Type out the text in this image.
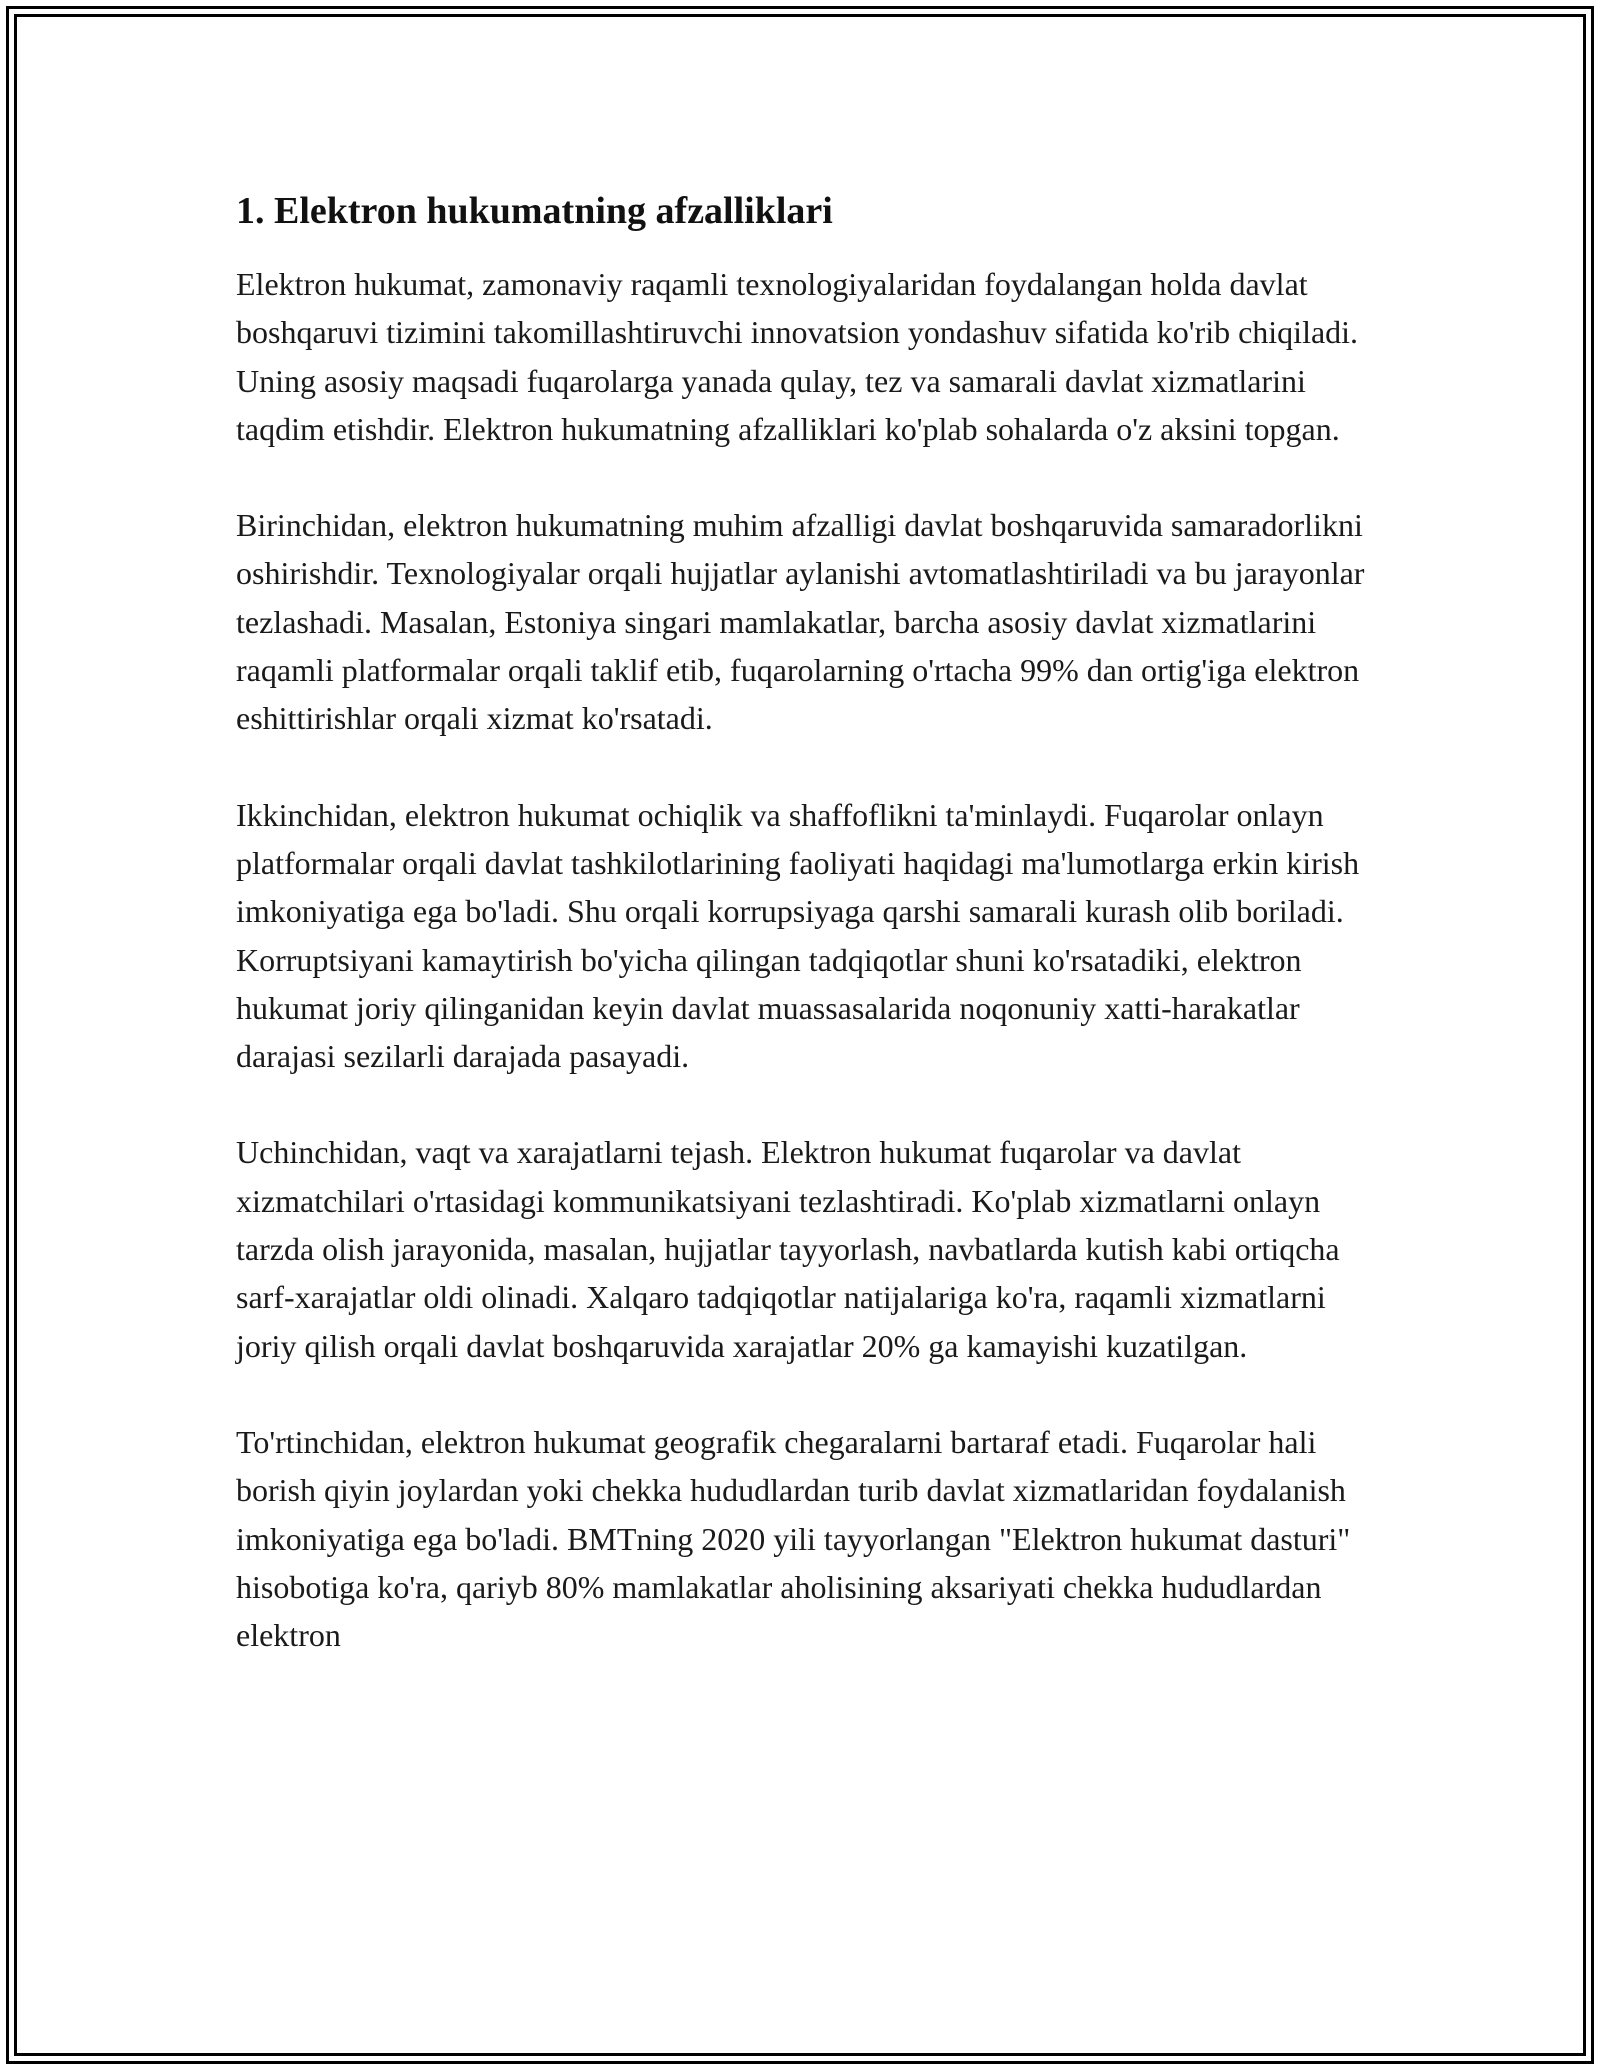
1. Elektron hukumatning afzalliklari

Elektron hukumat, zamonaviy raqamli texnologiyalaridan foydalangan holda davlat boshqaruvi tizimini takomillashtiruvchi innovatsion yondashuv sifatida ko'rib chiqiladi. Uning asosiy maqsadi fuqarolarga yanada qulay, tez va samarali davlat xizmatlarini taqdim etishdir. Elektron hukumatning afzalliklari ko'plab sohalarda o'z aksini topgan.

Birinchidan, elektron hukumatning muhim afzalligi davlat boshqaruvida samaradorlikni oshirishdir. Texnologiyalar orqali hujjatlar aylanishi avtomatlashtiriladi va bu jarayonlar tezlashadi. Masalan, Estoniya singari mamlakatlar, barcha asosiy davlat xizmatlarini raqamli platformalar orqali taklif etib, fuqarolarning o'rtacha 99% dan ortig'iga elektron eshittirishlar orqali xizmat ko'rsatadi.

Ikkinchidan, elektron hukumat ochiqlik va shaffoflikni ta'minlaydi. Fuqarolar onlayn platformalar orqali davlat tashkilotlarining faoliyati haqidagi ma'lumotlarga erkin kirish imkoniyatiga ega bo'ladi. Shu orqali korrupsiyaga qarshi samarali kurash olib boriladi. Korruptsiyani kamaytirish bo'yicha qilingan tadqiqotlar shuni ko'rsatadiki, elektron hukumat joriy qilinganidan keyin davlat muassasalarida noqonuniy xatti-harakatlar darajasi sezilarli darajada pasayadi.

Uchinchidan, vaqt va xarajatlarni tejash. Elektron hukumat fuqarolar va davlat xizmatchilari o'rtasidagi kommunikatsiyani tezlashtiradi. Ko'plab xizmatlarni onlayn tarzda olish jarayonida, masalan, hujjatlar tayyorlash, navbatlarda kutish kabi ortiqcha sarf-xarajatlar oldi olinadi. Xalqaro tadqiqotlar natijalariga ko'ra, raqamli xizmatlarni joriy qilish orqali davlat boshqaruvida xarajatlar 20% ga kamayishi kuzatilgan.

To'rtinchidan, elektron hukumat geografik chegaralarni bartaraf etadi. Fuqarolar hali borish qiyin joylardan yoki chekka hududlardan turib davlat xizmatlaridan foydalanish imkoniyatiga ega bo'ladi. BMTning 2020 yili tayyorlangan "Elektron hukumat dasturi" hisobotiga ko'ra, qariyb 80% mamlakatlar aholisining aksariyati chekka hududlardan elektron
